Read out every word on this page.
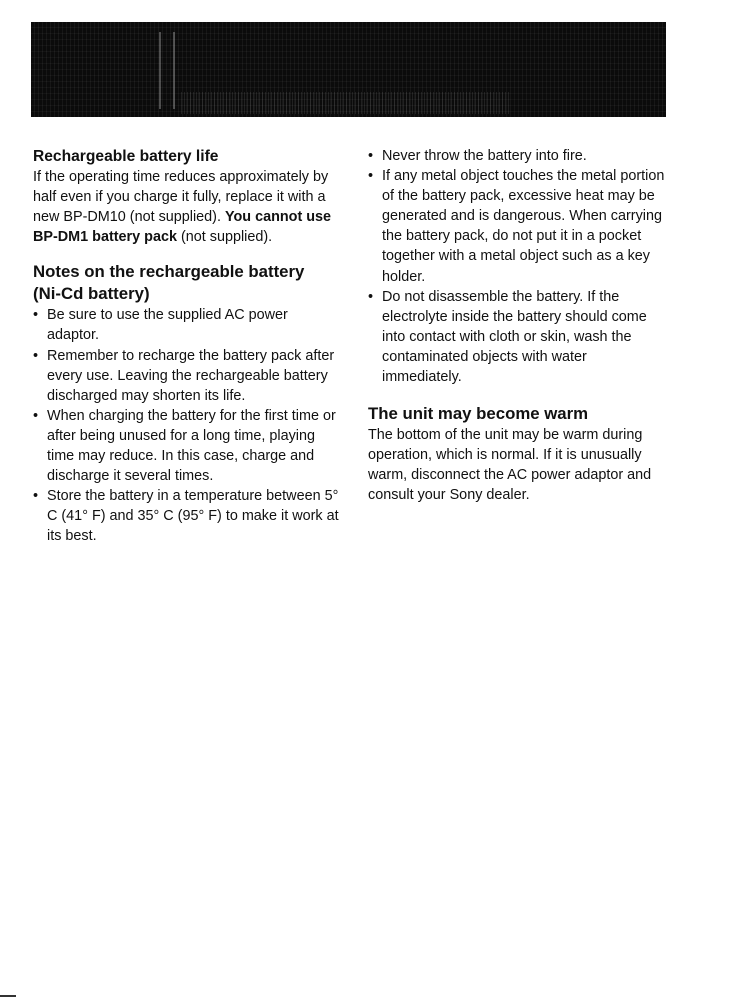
Rechargeable battery life

If the operating time reduces approximately by half even if you charge it fully, replace it with a new BP-DM10 (not supplied). You cannot use BP-DM1 battery pack (not supplied).

Notes on the rechargeable battery
(Ni-Cd battery)
• Be sure to use the supplied AC power adaptor.
• Remember to recharge the battery pack after every use. Leaving the rechargeable battery discharged may shorten its life.
• When charging the battery for the first time or after being unused for a long time, playing time may reduce. In this case, charge and discharge it several times.
• Store the battery in a temperature between 5° C (41° F) and 35° C (95° F) to make it work at its best.
• Never throw the battery into fire.
• If any metal object touches the metal portion of the battery pack, excessive heat may be generated and is dangerous. When carrying the battery pack, do not put it in a pocket together with a metal object such as a key holder.
• Do not disassemble the battery. If the electrolyte inside the battery should come into contact with cloth or skin, wash the contaminated objects with water immediately.
The unit may become warm

The bottom of the unit may be warm during operation, which is normal. If it is unusually warm, disconnect the AC power adaptor and consult your Sony dealer.
